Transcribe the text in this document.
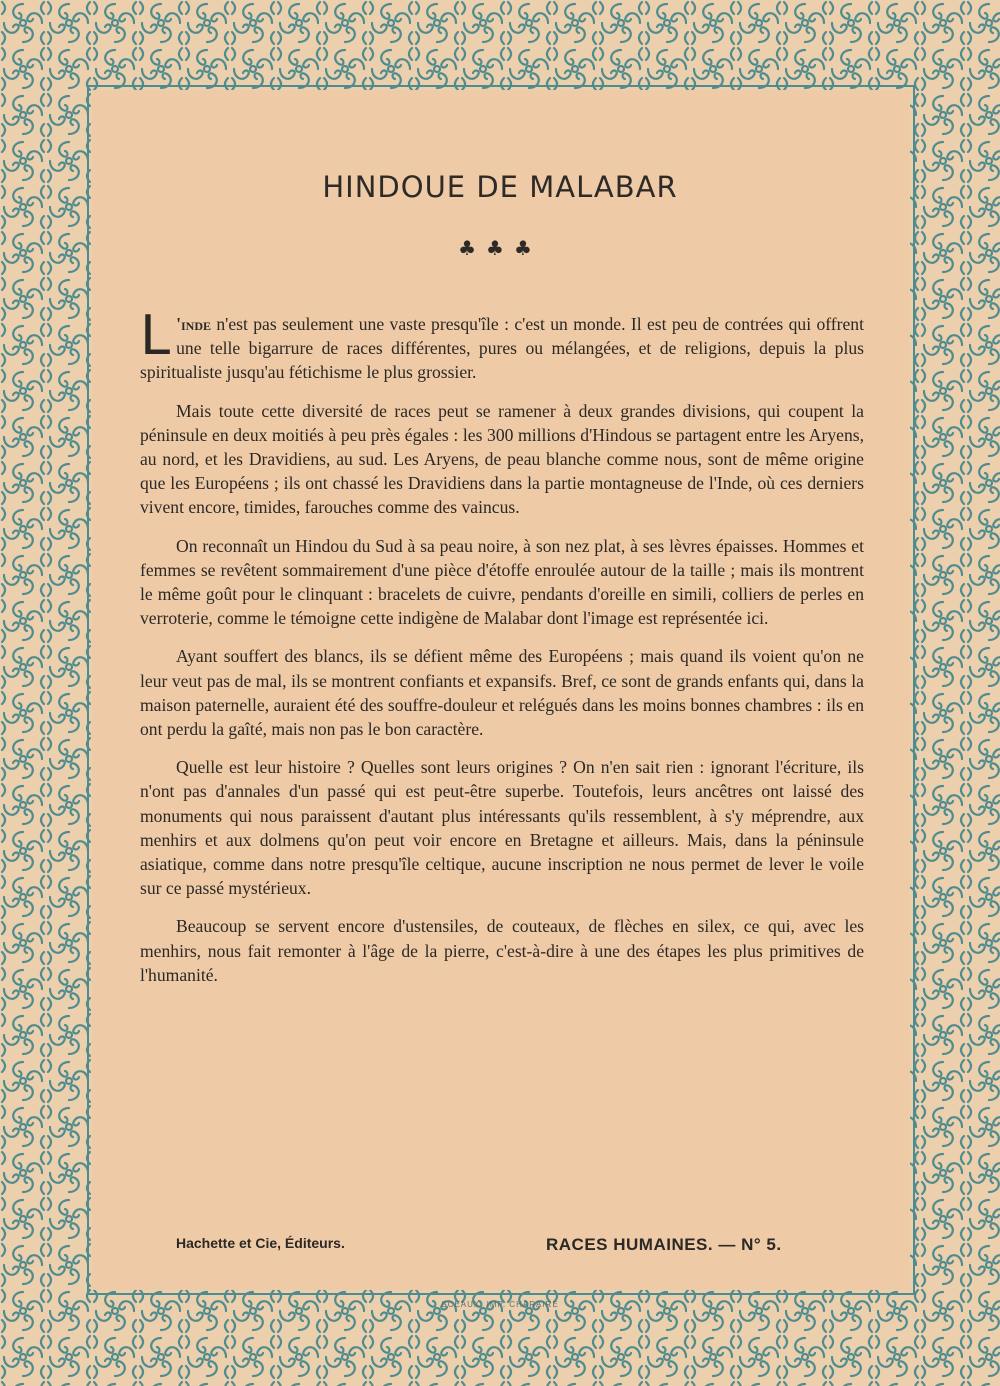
HINDOUE DE MALABAR
♣♣♣

L 'inde n'est pas seulement une vaste presqu'île : c'est un monde. Il est peu de contrées qui offrent une telle bigarrure de races différentes, pures ou mélangées, et de religions, depuis la plus spiritualiste jusqu'au fétichisme le plus grossier.

Mais toute cette diversité de races peut se ramener à deux grandes divisions, qui coupent la péninsule en deux moitiés à peu près égales : les 300 millions d'Hindous se partagent entre les Aryens, au nord, et les Dravidiens, au sud. Les Aryens, de peau blanche comme nous, sont de même origine que les Européens ; ils ont chassé les Dravidiens dans la partie montagneuse de l'Inde, où ces derniers vivent encore, timides, farouches comme des vaincus.

On reconnaît un Hindou du Sud à sa peau noire, à son nez plat, à ses lèvres épaisses. Hommes et femmes se revêtent sommairement d'une pièce d'étoffe enroulée autour de la taille ; mais ils montrent le même goût pour le clinquant : bracelets de cuivre, pendants d'oreille en simili, colliers de perles en verroterie, comme le témoigne cette indigène de Malabar dont l'image est représentée ici.

Ayant souffert des blancs, ils se défient même des Européens ; mais quand ils voient qu'on ne leur veut pas de mal, ils se montrent confiants et expansifs. Bref, ce sont de grands enfants qui, dans la maison paternelle, auraient été des souffre-douleur et relégués dans les moins bonnes chambres : ils en ont perdu la gaîté, mais non pas le bon caractère.

Quelle est leur histoire ? Quelles sont leurs origines ? On n'en sait rien : ignorant l'écriture, ils n'ont pas d'annales d'un passé qui est peut-être superbe. Toutefois, leurs ancêtres ont laissé des monuments qui nous paraissent d'autant plus intéressants qu'ils ressemblent, à s'y méprendre, aux menhirs et aux dolmens qu'on peut voir encore en Bretagne et ailleurs. Mais, dans la péninsule asiatique, comme dans notre presqu'île celtique, aucune inscription ne nous permet de lever le voile sur ce passé mystérieux.

Beaucoup se servent encore d'ustensiles, de couteaux, de flèches en silex, ce qui, avec les menhirs, nous fait remonter à l'âge de la pierre, c'est-à-dire à une des étapes les plus primitives de l'humanité.

Hachette et Cie, Éditeurs.	RACES HUMAINES. — N° 5.
SCEAUX. IMP. CHARAIRE
